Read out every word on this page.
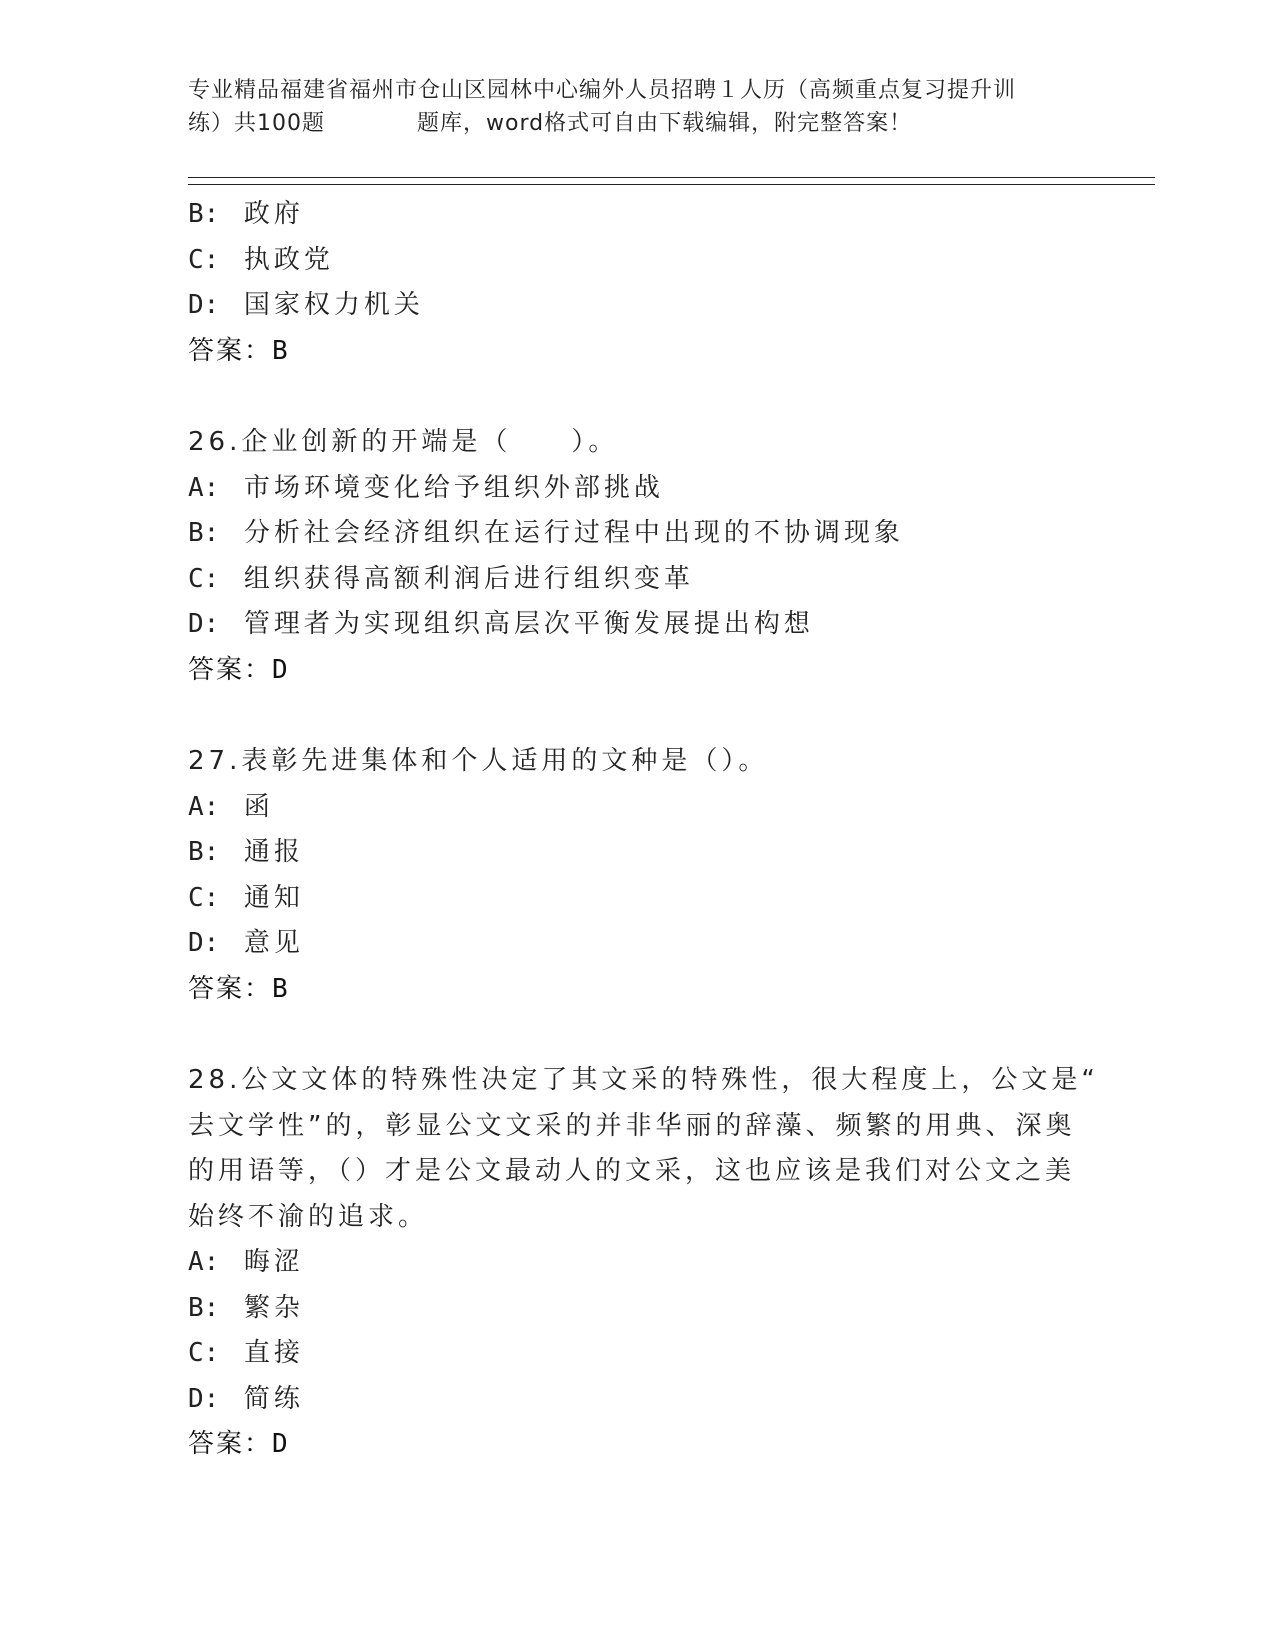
专业精品福建省福州市仓山区园林中心编外人员招聘１人历（高频重点复习提升训
练）共100题　　　　题库，word格式可自由下载编辑，附完整答案！
B: 政府
C: 执政党
D: 国家权力机关
答案：B
26.企业创新的开端是（　　）。
A: 市场环境变化给予组织外部挑战
B: 分析社会经济组织在运行过程中出现的不协调现象
C: 组织获得高额利润后进行组织变革
D: 管理者为实现组织高层次平衡发展提出构想
答案：D
27.表彰先进集体和个人适用的文种是（）。
A: 函
B: 通报
C: 通知
D: 意见
答案：B
28.公文文体的特殊性决定了其文采的特殊性，很大程度上，公文是“
去文学性”的，彰显公文文采的并非华丽的辞藻、频繁的用典、深奥
的用语等，（）才是公文最动人的文采，这也应该是我们对公文之美
始终不渝的追求。
A: 晦涩
B: 繁杂
C: 直接
D: 简练
答案：D
